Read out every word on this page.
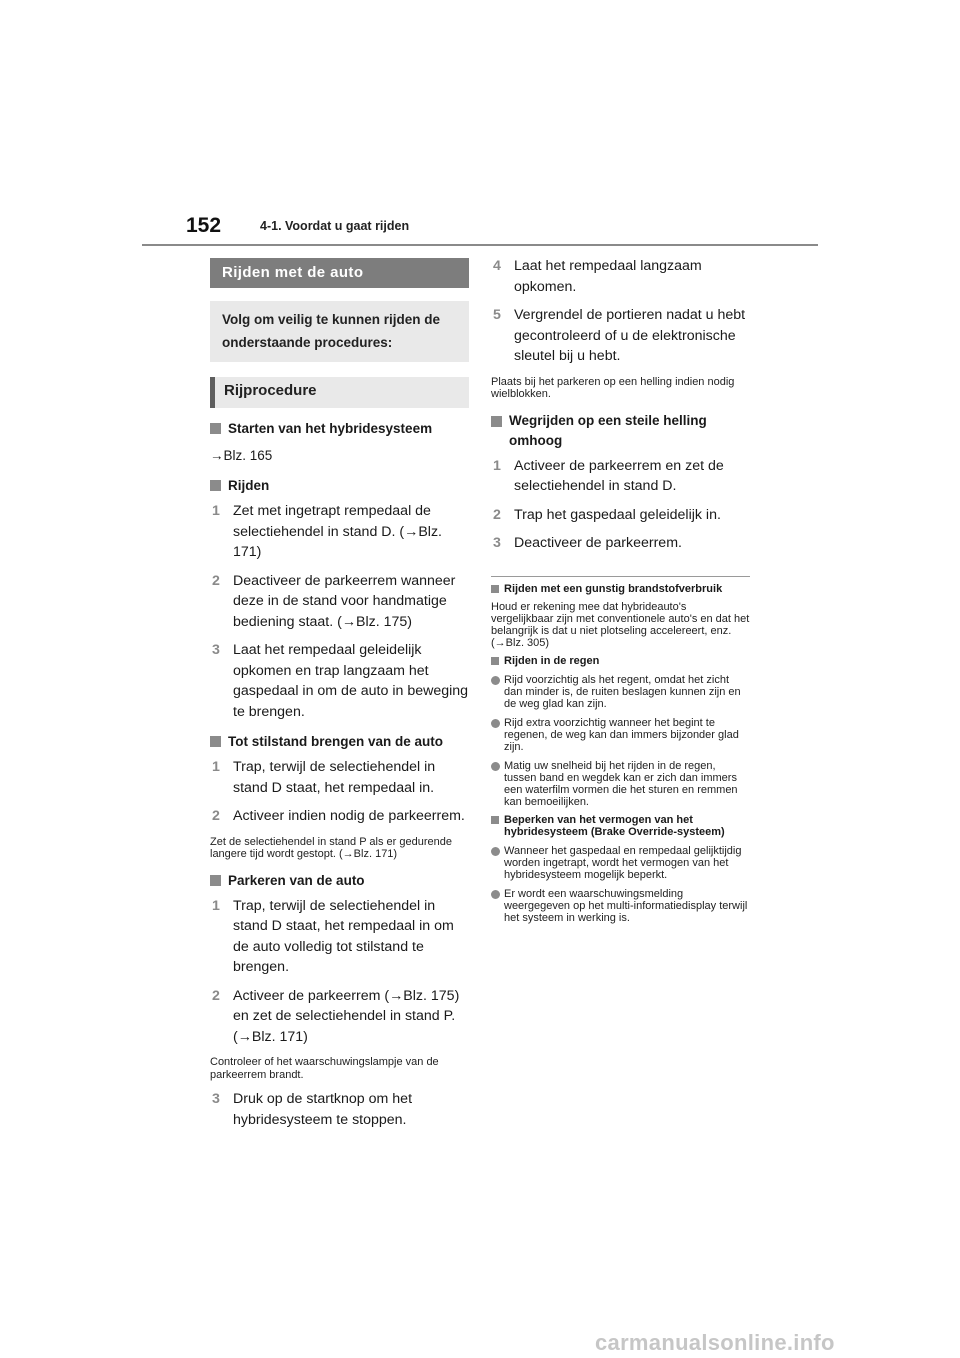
152	4-1. Voordat u gaat rijden
Rijden met de auto
Volg om veilig te kunnen rijden de onderstaande procedures:
Rijprocedure
Starten van het hybridesysteem
→Blz. 165
Rijden
1 Zet met ingetrapt rempedaal de selectiehendel in stand D. (→Blz. 171)
2 Deactiveer de parkeerrem wanneer deze in de stand voor handmatige bediening staat. (→Blz. 175)
3 Laat het rempedaal geleidelijk opkomen en trap langzaam het gaspedaal in om de auto in beweging te brengen.
Tot stilstand brengen van de auto
1 Trap, terwijl de selectiehendel in stand D staat, het rempedaal in.
2 Activeer indien nodig de parkeerrem.
Zet de selectiehendel in stand P als er gedurende langere tijd wordt gestopt. (→Blz. 171)
Parkeren van de auto
1 Trap, terwijl de selectiehendel in stand D staat, het rempedaal in om de auto volledig tot stilstand te brengen.
2 Activeer de parkeerrem (→Blz. 175) en zet de selectiehendel in stand P. (→Blz. 171)
Controleer of het waarschuwingslampje van de parkeerrem brandt.
3 Druk op de startknop om het hybridesysteem te stoppen.
4 Laat het rempedaal langzaam opkomen.
5 Vergrendel de portieren nadat u hebt gecontroleerd of u de elektronische sleutel bij u hebt.
Plaats bij het parkeren op een helling indien nodig wielblokken.
Wegrijden op een steile helling omhoog
1 Activeer de parkeerrem en zet de selectiehendel in stand D.
2 Trap het gaspedaal geleidelijk in.
3 Deactiveer de parkeerrem.
Rijden met een gunstig brandstofverbruik
Houd er rekening mee dat hybrideauto's vergelijkbaar zijn met conventionele auto's en dat het belangrijk is dat u niet plotseling accelereert, enz. (→Blz. 305)
Rijden in de regen
Rijd voorzichtig als het regent, omdat het zicht dan minder is, de ruiten beslagen kunnen zijn en de weg glad kan zijn.
Rijd extra voorzichtig wanneer het begint te regenen, de weg kan dan immers bijzonder glad zijn.
Matig uw snelheid bij het rijden in de regen, tussen band en wegdek kan er zich dan immers een waterfilm vormen die het sturen en remmen kan bemoeilijken.
Beperken van het vermogen van het hybridesysteem (Brake Override-systeem)
Wanneer het gaspedaal en rempedaal gelijktijdig worden ingetrapt, wordt het vermogen van het hybridesysteem mogelijk beperkt.
Er wordt een waarschuwingsmelding weergegeven op het multi-informatiedisplay terwijl het systeem in werking is.
carmanualsonline.info
